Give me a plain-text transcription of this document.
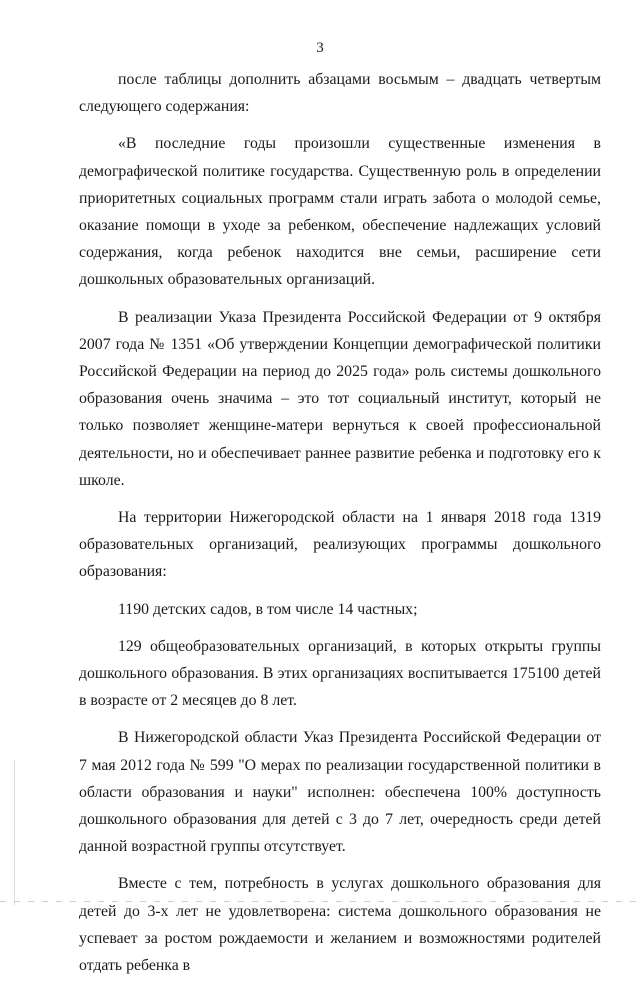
3

после таблицы дополнить абзацами восьмым – двадцать четвертым следующего содержания:

«В последние годы произошли существенные изменения в демографической политике государства. Существенную роль в определении приоритетных социальных программ стали играть забота о молодой семье, оказание помощи в уходе за ребенком, обеспечение надлежащих условий содержания, когда ребенок находится вне семьи, расширение сети дошкольных образовательных организаций.

В реализации Указа Президента Российской Федерации от 9 октября 2007 года № 1351 «Об утверждении Концепции демографической политики Российской Федерации на период до 2025 года» роль системы дошкольного образования очень значима – это тот социальный институт, который не только позволяет женщине-матери вернуться к своей профессиональной деятельности, но и обеспечивает раннее развитие ребенка и подготовку его к школе.

На территории Нижегородской области на 1 января 2018 года 1319 образовательных организаций, реализующих программы дошкольного образования:

1190 детских садов, в том числе 14 частных;

129 общеобразовательных организаций, в которых открыты группы дошкольного образования. В этих организациях воспитывается 175100 детей в возрасте от 2 месяцев до 8 лет.

В Нижегородской области Указ Президента Российской Федерации от 7 мая 2012 года № 599 "О мерах по реализации государственной политики в области образования и науки" исполнен: обеспечена 100% доступность дошкольного образования для детей с 3 до 7 лет, очередность среди детей данной возрастной группы отсутствует.

Вместе с тем, потребность в услугах дошкольного образования для детей до 3-х лет не удовлетворена: система дошкольного образования не успевает за ростом рождаемости и желанием и возможностями родителей отдать ребенка в
